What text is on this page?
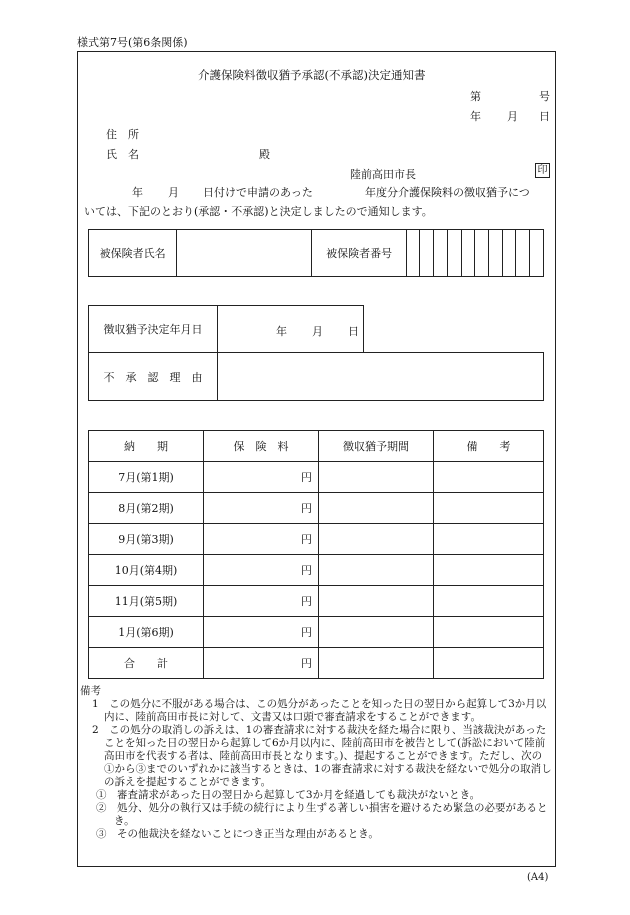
様式第7号(第6条関係)
介護保険料徴収猶予承認(不承認)決定通知書
第	号
年 月 日
住　所
氏　名	殿
陸前高田市長	印
年 月 日付けで申請のあった	年度分介護保険料の徴収猶予につ
いては、下記のとおり(承認・不承認)と決定しましたので通知します。
被保険者氏名		被保険者番号										
徴収猶予決定年月日	年 月 日
不　承　認　理　由	
納　　期	保　険　料	徴収猶予期間	備　　考
7月(第1期)	円		
8月(第2期)	円		
9月(第3期)	円		
10月(第4期)	円		
11月(第5期)	円		
1月(第6期)	円		
合　　計	円		

備考

1　この処分に不服がある場合は、この処分があったことを知った日の翌日から起算して3か月以内に、陸前高田市長に対して、文書又は口頭で審査請求をすることができます。

2　この処分の取消しの訴えは、1の審査請求に対する裁決を経た場合に限り、当該裁決があったことを知った日の翌日から起算して6か月以内に、陸前高田市を被告として(訴訟において陸前高田市を代表する者は、陸前高田市長となります。)、提起することができます。ただし、次の①から③までのいずれかに該当するときは、1の審査請求に対する裁決を経ないで処分の取消しの訴えを提起することができます。

①　審査請求があった日の翌日から起算して3か月を経過しても裁決がないとき。

②　処分、処分の執行又は手続の続行により生ずる著しい損害を避けるため緊急の必要があるとき。

③　その他裁決を経ないことにつき正当な理由があるとき。

(A4)
